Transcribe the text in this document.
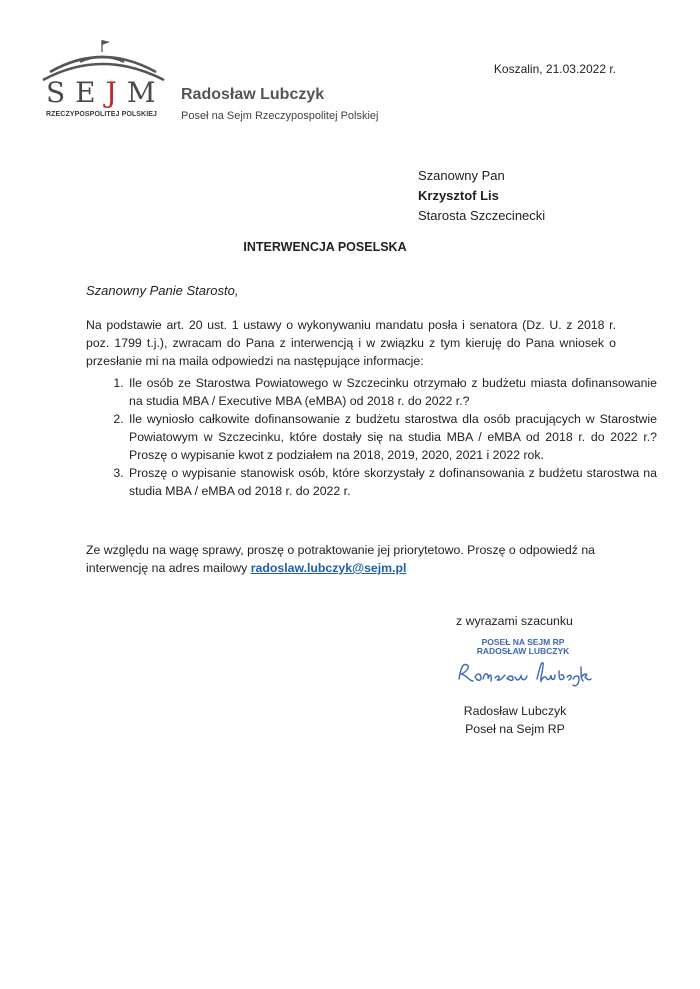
SEJM
RZECZYPOSPOLITEJ POLSKIEJ
Radosław Lubczyk
Poseł na Sejm Rzeczypospolitej Polskiej
Koszalin, 21.03.2022 r.
Szanowny Pan
Krzysztof Lis
Starosta Szczecinecki
INTERWENCJA POSELSKA
Szanowny Panie Starosto,
Na podstawie art. 20 ust. 1 ustawy o wykonywaniu mandatu posła i senatora (Dz. U. z 2018 r. poz. 1799 t.j.), zwracam do Pana z interwencją i w związku z tym kieruję do Pana wniosek o przesłanie mi na maila odpowiedzi na następujące informacje:
1. Ile osób ze Starostwa Powiatowego w Szczecinku otrzymało z budżetu miasta dofinansowanie na studia MBA / Executive MBA (eMBA) od 2018 r. do 2022 r.?
2. Ile wyniosło całkowite dofinansowanie z budżetu starostwa dla osób pracujących w Starostwie Powiatowym w Szczecinku, które dostały się na studia MBA / eMBA od 2018 r. do 2022 r.? Proszę o wypisanie kwot z podziałem na 2018, 2019, 2020, 2021 i 2022 rok.
3. Proszę o wypisanie stanowisk osób, które skorzystały z dofinansowania z budżetu starostwa na studia MBA / eMBA od 2018 r. do 2022 r.
Ze względu na wagę sprawy, proszę o potraktowanie jej priorytetowo. Proszę o odpowiedź na interwencję na adres mailowy radoslaw.lubczyk@sejm.pl
z wyrazami szacunku
POSEŁ NA SEJM RP
RADOSŁAW LUBCZYK
Radosław Lubczyk
Poseł na Sejm RP
